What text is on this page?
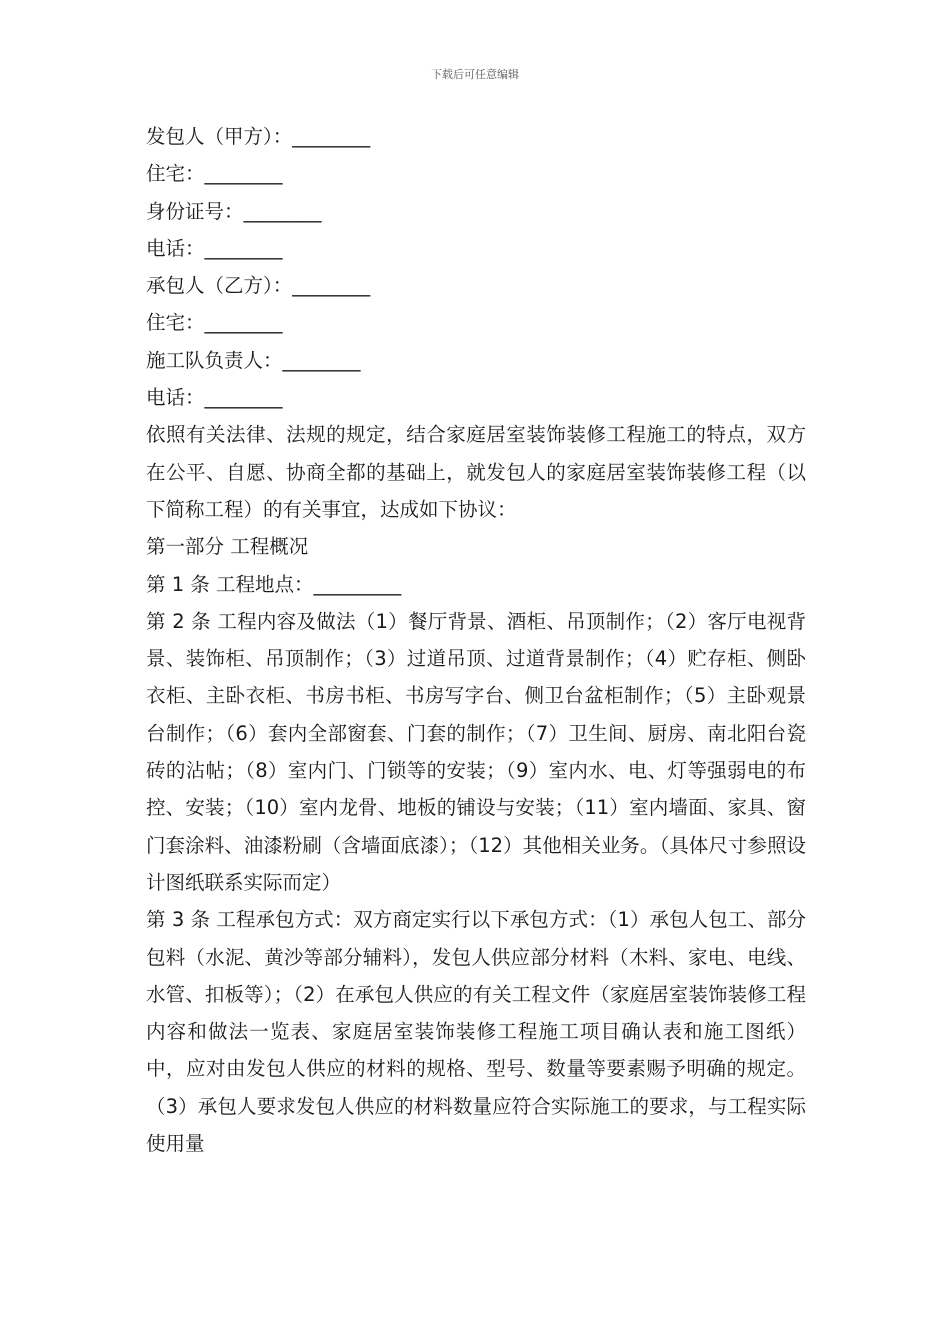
下载后可任意编辑

发包人（甲方）：________

住宅：________

身份证号：________

电话：________

承包人（乙方）：________

住宅：________

施工队负责人：________

电话：________

依照有关法律、法规的规定，结合家庭居室装饰装修工程施工的特点，双方在公平、自愿、协商全都的基础上，就发包人的家庭居室装饰装修工程（以下简称工程）的有关事宜，达成如下协议：

第一部分 工程概况

第 1 条 工程地点：_________

第 2 条 工程内容及做法（1）餐厅背景、酒柜、吊顶制作；（2）客厅电视背景、装饰柜、吊顶制作；（3）过道吊顶、过道背景制作；（4）贮存柜、侧卧衣柜、主卧衣柜、书房书柜、书房写字台、侧卫台盆柜制作；（5）主卧观景台制作；（6）套内全部窗套、门套的制作；（7）卫生间、厨房、南北阳台瓷砖的沾帖；（8）室内门、门锁等的安装；（9）室内水、电、灯等强弱电的布控、安装；（10）室内龙骨、地板的铺设与安装；（11）室内墙面、家具、窗门套涂料、油漆粉刷（含墙面底漆）；（12）其他相关业务。（具体尺寸参照设计图纸联系实际而定）

第 3 条 工程承包方式：双方商定实行以下承包方式：（1）承包人包工、部分包料（水泥、黄沙等部分辅料），发包人供应部分材料（木料、家电、电线、水管、扣板等）；（2）在承包人供应的有关工程文件（家庭居室装饰装修工程内容和做法一览表、家庭居室装饰装修工程施工项目确认表和施工图纸）中，应对由发包人供应的材料的规格、型号、数量等要素赐予明确的规定。（3）承包人要求发包人供应的材料数量应符合实际施工的要求，与工程实际使用量
